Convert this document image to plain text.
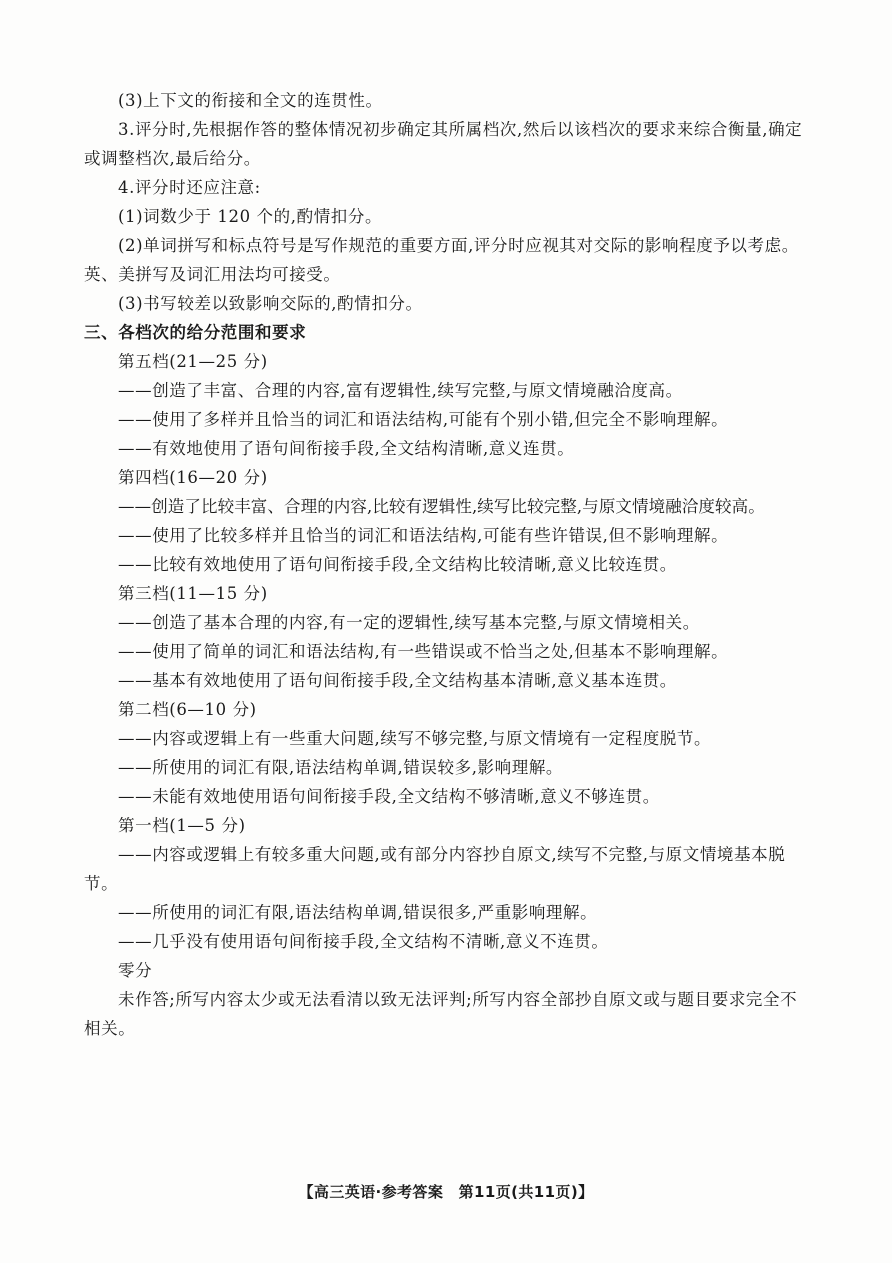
(3)上下文的衔接和全文的连贯性。

3.评分时,先根据作答的整体情况初步确定其所属档次,然后以该档次的要求来综合衡量,确定或调整档次,最后给分。

4.评分时还应注意:

(1)词数少于 120 个的,酌情扣分。

(2)单词拼写和标点符号是写作规范的重要方面,评分时应视其对交际的影响程度予以考虑。英、美拼写及词汇用法均可接受。

(3)书写较差以致影响交际的,酌情扣分。

三、各档次的给分范围和要求

第五档(21—25 分)

——创造了丰富、合理的内容,富有逻辑性,续写完整,与原文情境融洽度高。

——使用了多样并且恰当的词汇和语法结构,可能有个别小错,但完全不影响理解。

——有效地使用了语句间衔接手段,全文结构清晰,意义连贯。

第四档(16—20 分)

——创造了比较丰富、合理的内容,比较有逻辑性,续写比较完整,与原文情境融洽度较高。

——使用了比较多样并且恰当的词汇和语法结构,可能有些许错误,但不影响理解。

——比较有效地使用了语句间衔接手段,全文结构比较清晰,意义比较连贯。

第三档(11—15 分)

——创造了基本合理的内容,有一定的逻辑性,续写基本完整,与原文情境相关。

——使用了简单的词汇和语法结构,有一些错误或不恰当之处,但基本不影响理解。

——基本有效地使用了语句间衔接手段,全文结构基本清晰,意义基本连贯。

第二档(6—10 分)

——内容或逻辑上有一些重大问题,续写不够完整,与原文情境有一定程度脱节。

——所使用的词汇有限,语法结构单调,错误较多,影响理解。

——未能有效地使用语句间衔接手段,全文结构不够清晰,意义不够连贯。

第一档(1—5 分)

——内容或逻辑上有较多重大问题,或有部分内容抄自原文,续写不完整,与原文情境基本脱节。

——所使用的词汇有限,语法结构单调,错误很多,严重影响理解。

——几乎没有使用语句间衔接手段,全文结构不清晰,意义不连贯。

零分

未作答;所写内容太少或无法看清以致无法评判;所写内容全部抄自原文或与题目要求完全不相关。

【高三英语·参考答案　第11页(共11页)】
